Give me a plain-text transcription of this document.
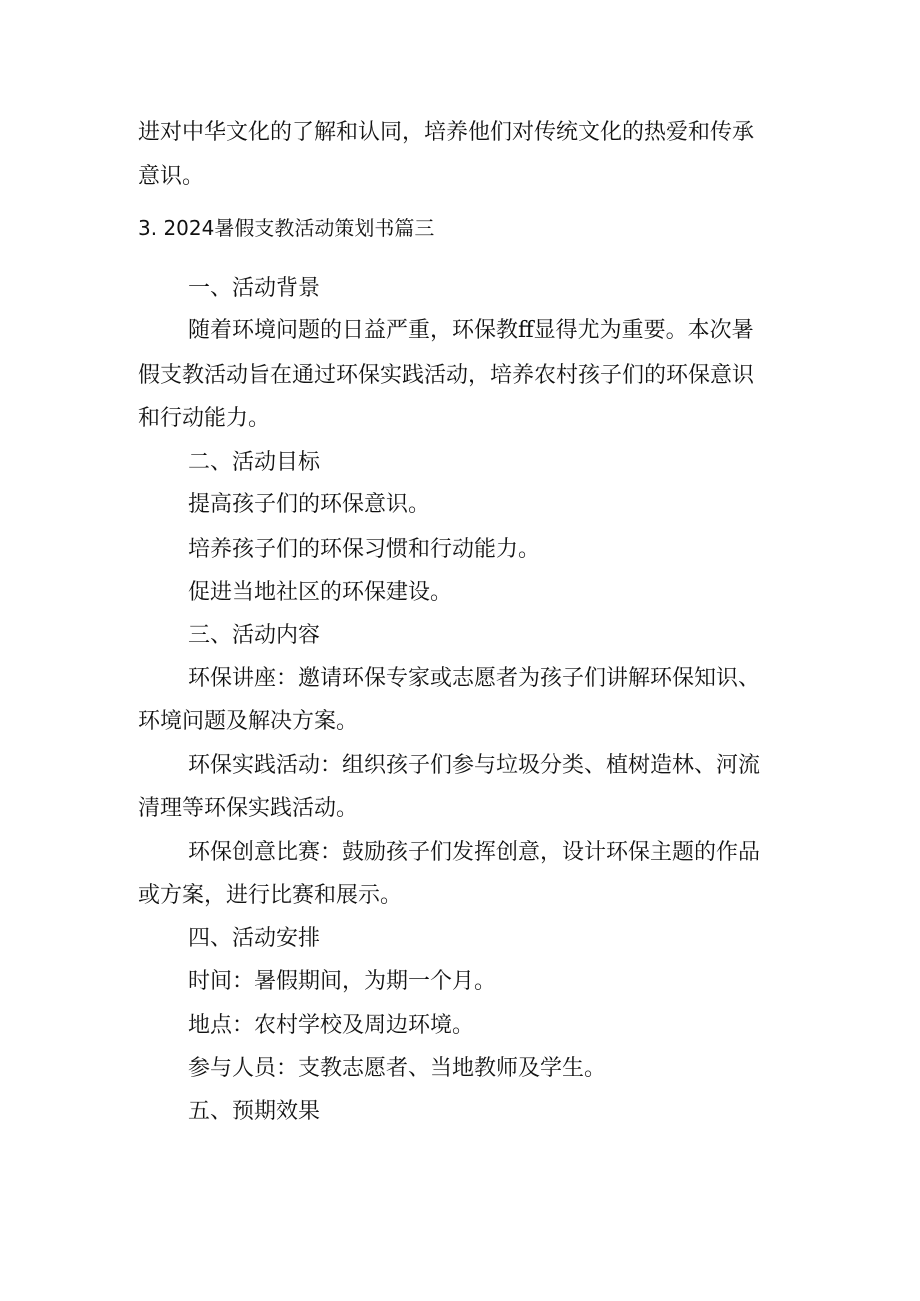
进对中华文化的了解和认同，培养他们对传统文化的热爱和传承
意识。
3. 2024暑假支教活动策划书篇三
一、活动背景
随着环境问题的日益严重，环保教ff显得尤为重要。本次暑
假支教活动旨在通过环保实践活动，培养农村孩子们的环保意识
和行动能力。
二、活动目标
提高孩子们的环保意识。
培养孩子们的环保习惯和行动能力。
促进当地社区的环保建设。
三、活动内容
环保讲座：邀请环保专家或志愿者为孩子们讲解环保知识、
环境问题及解决方案。
环保实践活动：组织孩子们参与垃圾分类、植树造林、河流
清理等环保实践活动。
环保创意比赛：鼓励孩子们发挥创意，设计环保主题的作品
或方案，进行比赛和展示。
四、活动安排
时间：暑假期间，为期一个月。
地点：农村学校及周边环境。
参与人员：支教志愿者、当地教师及学生。
五、预期效果
